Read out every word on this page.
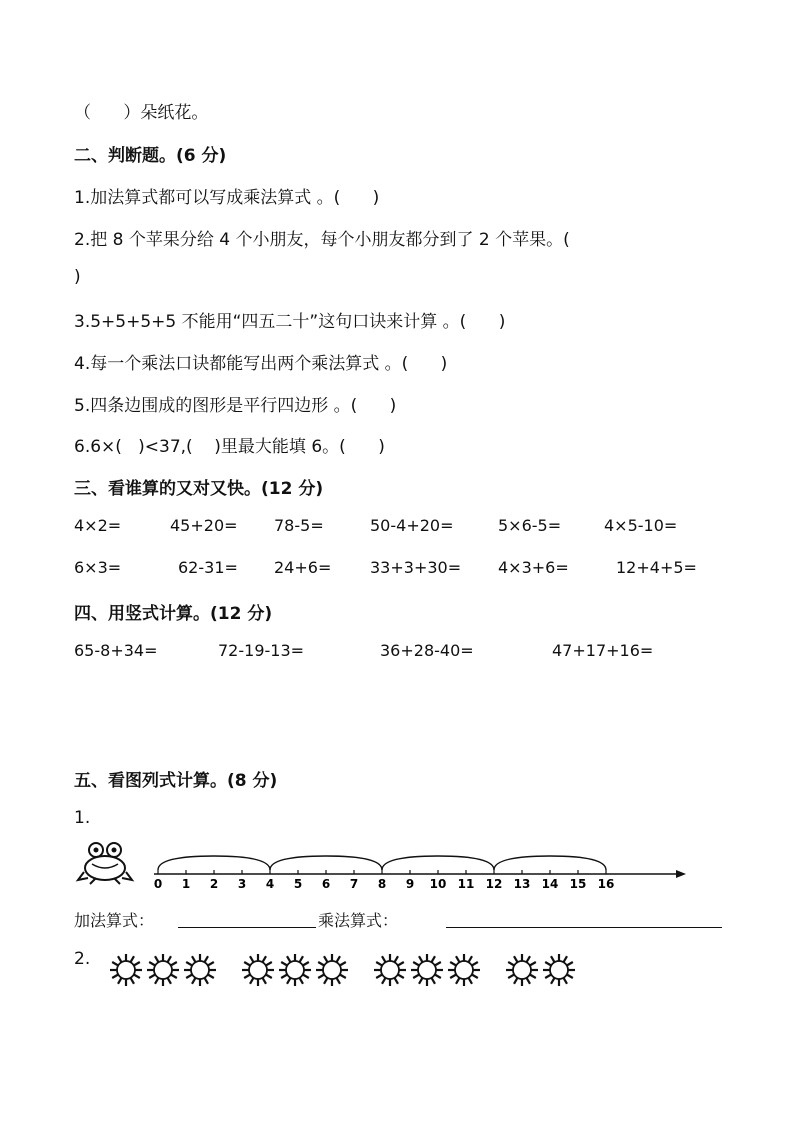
（      ）朵纸花。
二、判断题。(6 分)
1.加法算式都可以写成乘法算式 。(      )
2.把 8 个苹果分给 4 个小朋友，每个小朋友都分到了 2 个苹果。(
)
3.5+5+5+5 不能用“四五二十”这句口诀来计算 。(      )
4.每一个乘法口诀都能写出两个乘法算式 。(      )
5.四条边围成的图形是平行四边形 。(      )
6.6×(   )<37,(    )里最大能填 6。(      )
三、看谁算的又对又快。(12 分)
4×2=	45+20= 78-5=	50-4+20=	5×6-5=	4×5-10=
6×3=	62-31= 24+6= 33+3+30= 4×3+6=	12+4+5=
四、用竖式计算。(12 分)
65-8+34=	72-19-13=	36+28-40=	47+17+16=
五、看图列式计算。(8 分)
1.
0 1 2 3 4 5 6 7 8 9 10 11 12 13 14 15 16
加法算式：	乘法算式：
2.
